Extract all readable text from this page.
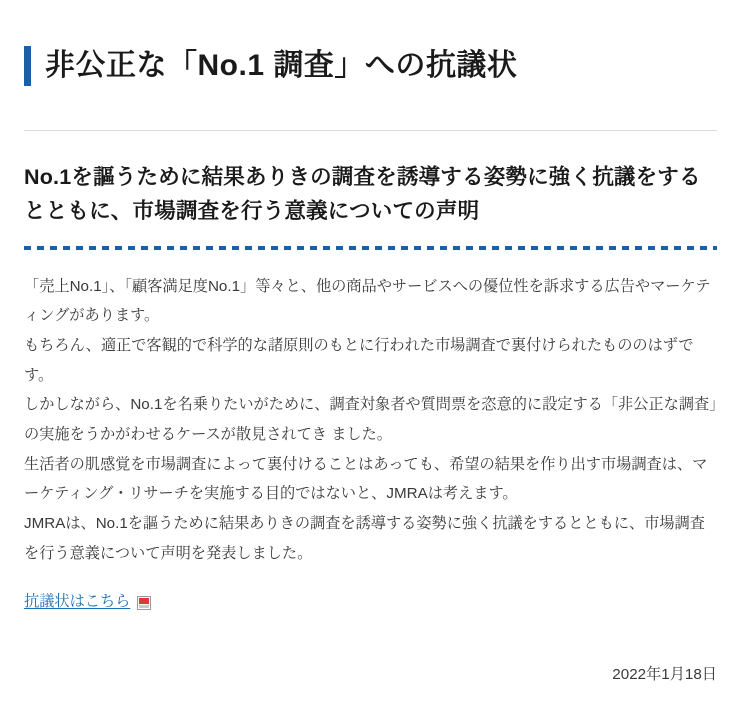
非公正な「No.1 調査」への抗議状
No.1を謳うために結果ありきの調査を誘導する姿勢に強く抗議をするとともに、市場調査を行う意義についての声明

「売上No.1」、「顧客満足度No.1」等々と、他の商品やサービスへの優位性を訴求する広告やマーケティングがあります。

もちろん、適正で客観的で科学的な諸原則のもとに行われた市場調査で裏付けられたもののはずです。

しかしながら、No.1を名乗りたいがために、調査対象者や質問票を恣意的に設定する「非公正な調査」の実施をうかがわせるケースが散見されてき ました。

生活者の肌感覚を市場調査によって裏付けることはあっても、希望の結果を作り出す市場調査は、マーケティング・リサーチを実施する目的ではないと、JMRAは考えます。

JMRAは、No.1を謳うために結果ありきの調査を誘導する姿勢に強く抗議をするとともに、市場調査を行う意義について声明を発表しました。

抗議状はこちら
2022年1月18日
